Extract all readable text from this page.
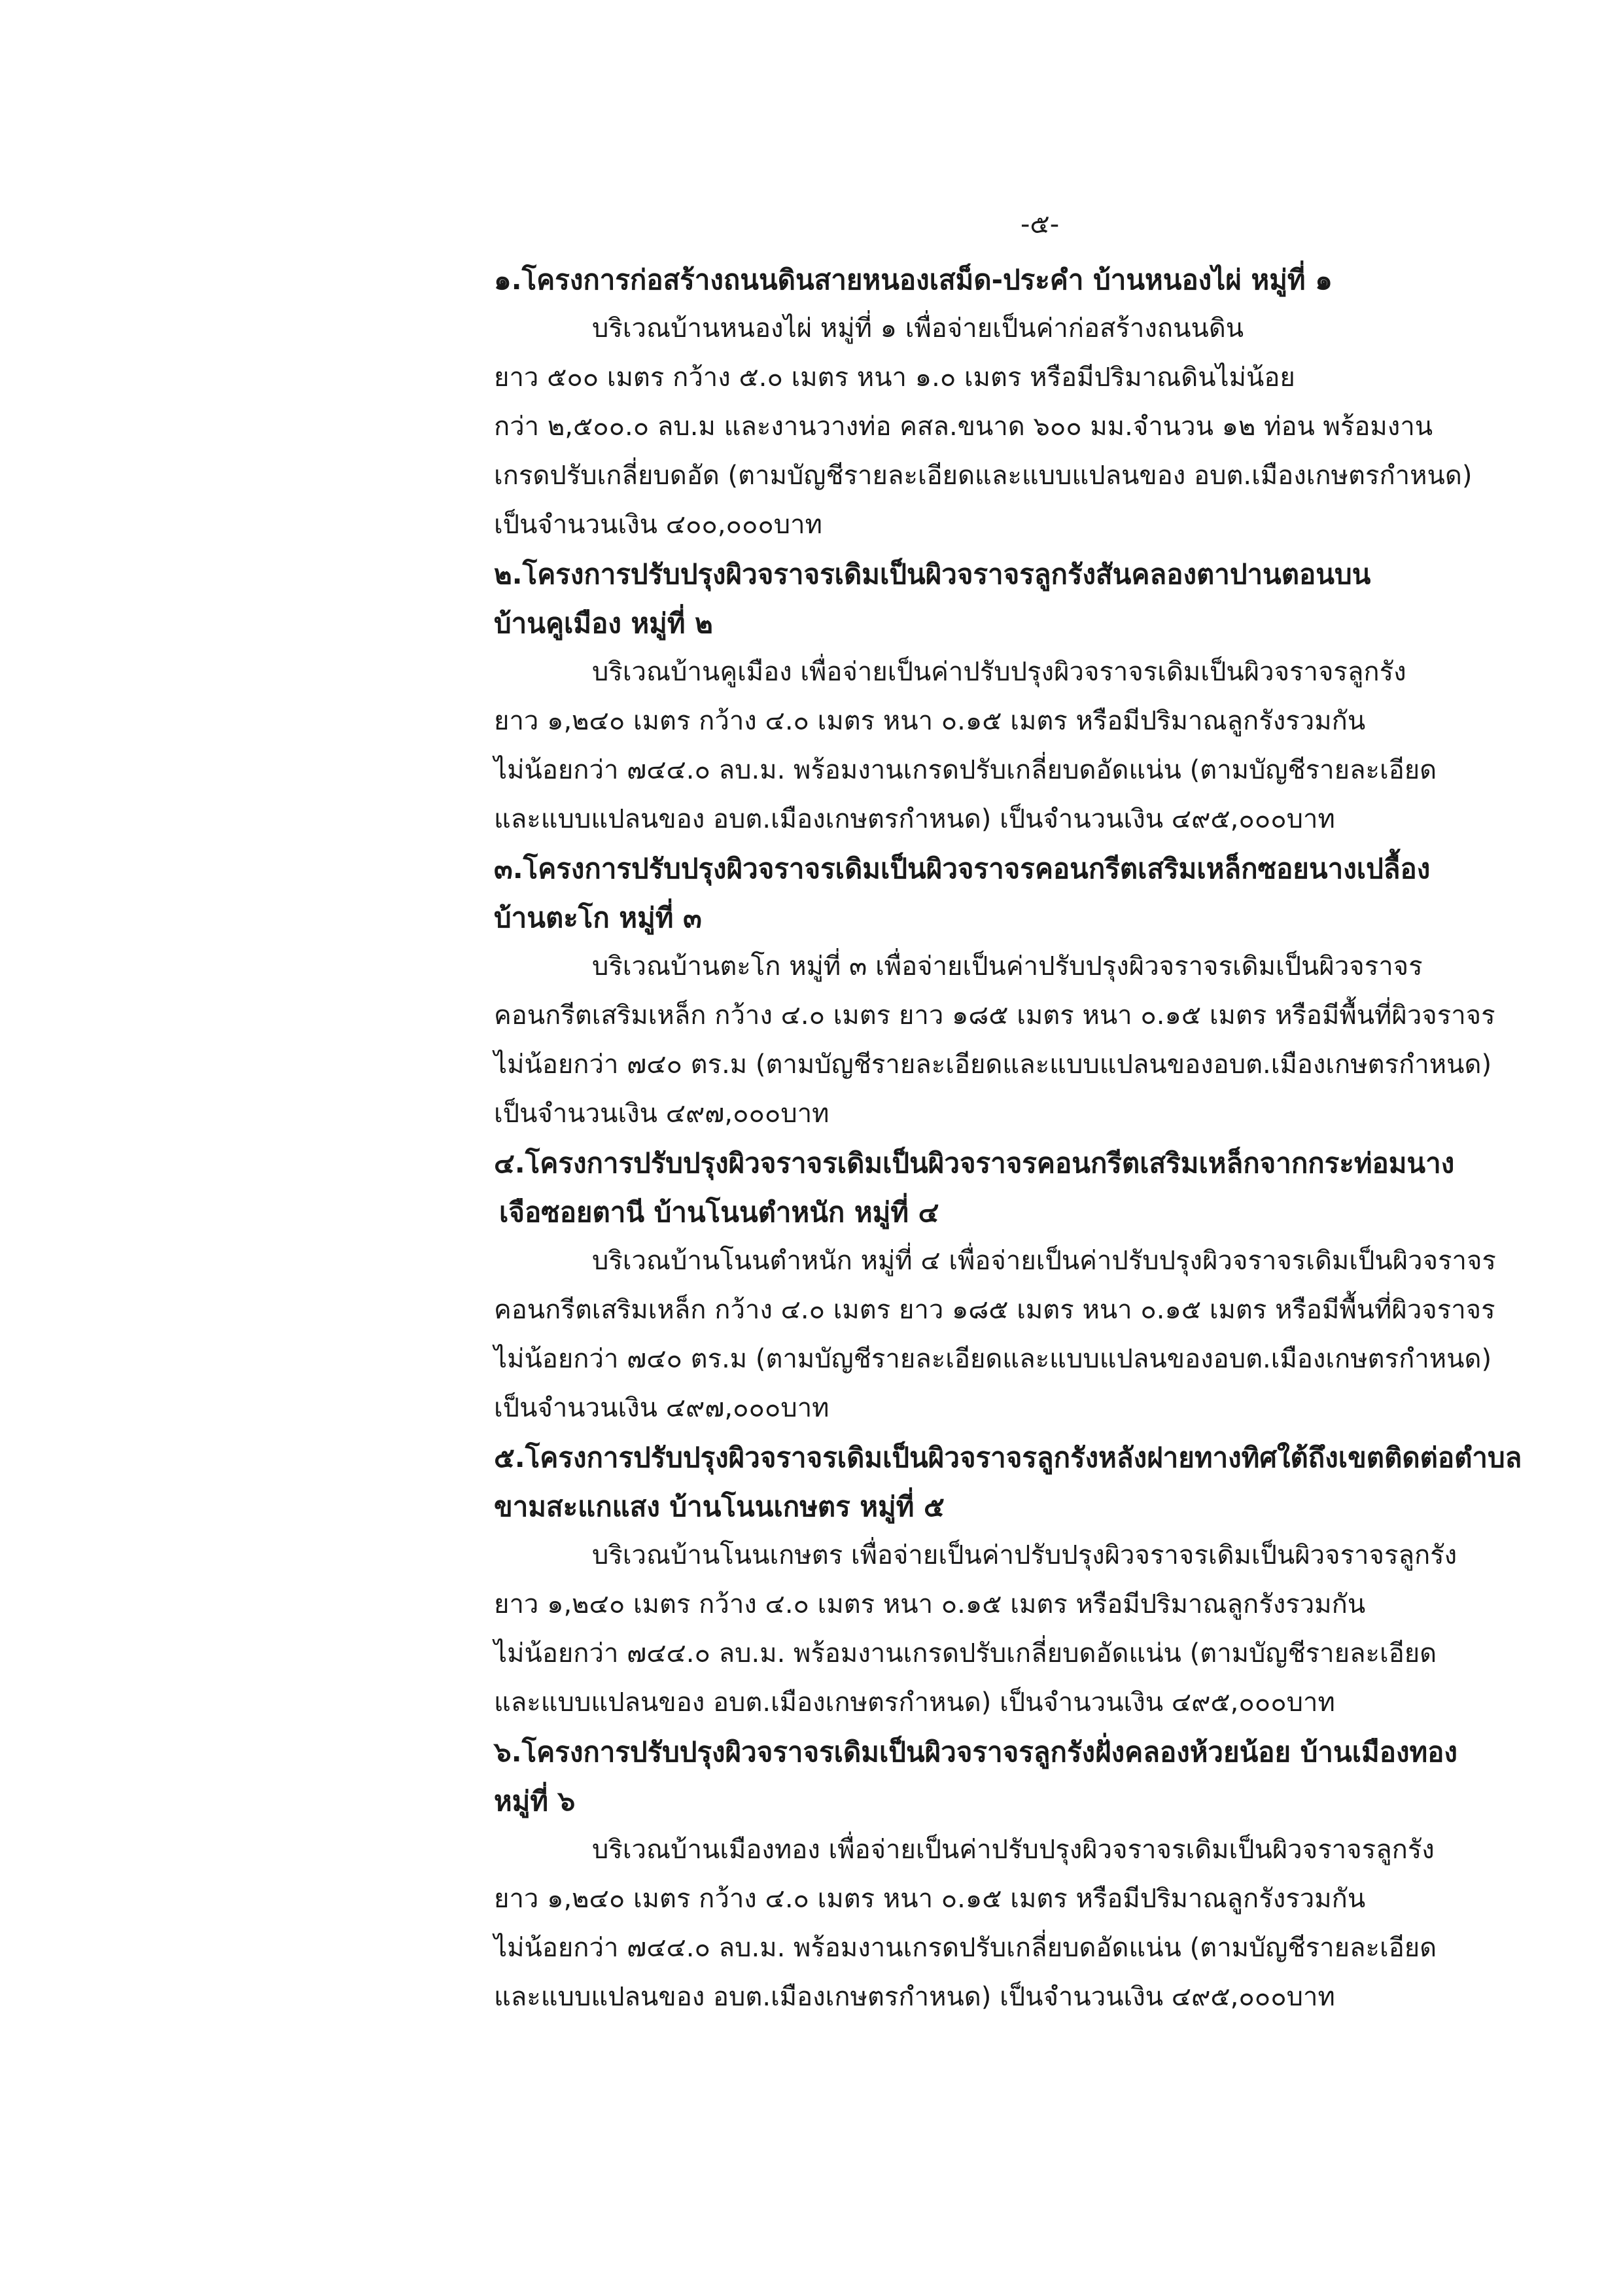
-๕-
๑.โครงการก่อสร้างถนนดินสายหนองเสม็ด-ประคำ บ้านหนองไผ่ หมู่ที่ ๑
บริเวณบ้านหนองไผ่ หมู่ที่ ๑ เพื่อจ่ายเป็นค่าก่อสร้างถนนดิน
ยาว ๕๐๐ เมตร กว้าง ๕.๐ เมตร หนา ๑.๐ เมตร หรือมีปริมาณดินไม่น้อย
กว่า ๒,๕๐๐.๐ ลบ.ม และงานวางท่อ คสล.ขนาด ๖๐๐ มม.จำนวน ๑๒ ท่อน พร้อมงาน
เกรดปรับเกลี่ยบดอัด (ตามบัญชีรายละเอียดและแบบแปลนของ อบต.เมืองเกษตรกำหนด)
เป็นจำนวนเงิน ๔๐๐,๐๐๐บาท
๒.โครงการปรับปรุงผิวจราจรเดิมเป็นผิวจราจรลูกรังสันคลองตาปานตอนบน
บ้านคูเมือง หมู่ที่ ๒
บริเวณบ้านคูเมือง เพื่อจ่ายเป็นค่าปรับปรุงผิวจราจรเดิมเป็นผิวจราจรลูกรัง
ยาว ๑,๒๔๐ เมตร กว้าง ๔.๐ เมตร หนา ๐.๑๕ เมตร หรือมีปริมาณลูกรังรวมกัน
ไม่น้อยกว่า ๗๔๔.๐ ลบ.ม. พร้อมงานเกรดปรับเกลี่ยบดอัดแน่น (ตามบัญชีรายละเอียด
และแบบแปลนของ อบต.เมืองเกษตรกำหนด) เป็นจำนวนเงิน ๔๙๕,๐๐๐บาท
๓.โครงการปรับปรุงผิวจราจรเดิมเป็นผิวจราจรคอนกรีตเสริมเหล็กซอยนางเปลื้อง
บ้านตะโก หมู่ที่ ๓
บริเวณบ้านตะโก หมู่ที่ ๓ เพื่อจ่ายเป็นค่าปรับปรุงผิวจราจรเดิมเป็นผิวจราจร
คอนกรีตเสริมเหล็ก กว้าง ๔.๐ เมตร ยาว ๑๘๕ เมตร หนา ๐.๑๕ เมตร หรือมีพื้นที่ผิวจราจร
ไม่น้อยกว่า ๗๔๐ ตร.ม (ตามบัญชีรายละเอียดและแบบแปลนของอบต.เมืองเกษตรกำหนด)
เป็นจำนวนเงิน ๔๙๗,๐๐๐บาท
๔.โครงการปรับปรุงผิวจราจรเดิมเป็นผิวจราจรคอนกรีตเสริมเหล็กจากกระท่อมนาง
เจือซอยตานี บ้านโนนตำหนัก หมู่ที่ ๔
บริเวณบ้านโนนตำหนัก หมู่ที่ ๔ เพื่อจ่ายเป็นค่าปรับปรุงผิวจราจรเดิมเป็นผิวจราจร
คอนกรีตเสริมเหล็ก กว้าง ๔.๐ เมตร ยาว ๑๘๕ เมตร หนา ๐.๑๕ เมตร หรือมีพื้นที่ผิวจราจร
ไม่น้อยกว่า ๗๔๐ ตร.ม (ตามบัญชีรายละเอียดและแบบแปลนของอบต.เมืองเกษตรกำหนด)
เป็นจำนวนเงิน ๔๙๗,๐๐๐บาท
๕.โครงการปรับปรุงผิวจราจรเดิมเป็นผิวจราจรลูกรังหลังฝายทางทิศใต้ถึงเขตติดต่อตำบล
ขามสะแกแสง บ้านโนนเกษตร หมู่ที่ ๕
บริเวณบ้านโนนเกษตร เพื่อจ่ายเป็นค่าปรับปรุงผิวจราจรเดิมเป็นผิวจราจรลูกรัง
ยาว ๑,๒๔๐ เมตร กว้าง ๔.๐ เมตร หนา ๐.๑๕ เมตร หรือมีปริมาณลูกรังรวมกัน
ไม่น้อยกว่า ๗๔๔.๐ ลบ.ม. พร้อมงานเกรดปรับเกลี่ยบดอัดแน่น (ตามบัญชีรายละเอียด
และแบบแปลนของ อบต.เมืองเกษตรกำหนด) เป็นจำนวนเงิน ๔๙๕,๐๐๐บาท
๖.โครงการปรับปรุงผิวจราจรเดิมเป็นผิวจราจรลูกรังฝั่งคลองห้วยน้อย บ้านเมืองทอง
หมู่ที่ ๖
บริเวณบ้านเมืองทอง เพื่อจ่ายเป็นค่าปรับปรุงผิวจราจรเดิมเป็นผิวจราจรลูกรัง
ยาว ๑,๒๔๐ เมตร กว้าง ๔.๐ เมตร หนา ๐.๑๕ เมตร หรือมีปริมาณลูกรังรวมกัน
ไม่น้อยกว่า ๗๔๔.๐ ลบ.ม. พร้อมงานเกรดปรับเกลี่ยบดอัดแน่น (ตามบัญชีรายละเอียด
และแบบแปลนของ อบต.เมืองเกษตรกำหนด) เป็นจำนวนเงิน ๔๙๕,๐๐๐บาท
